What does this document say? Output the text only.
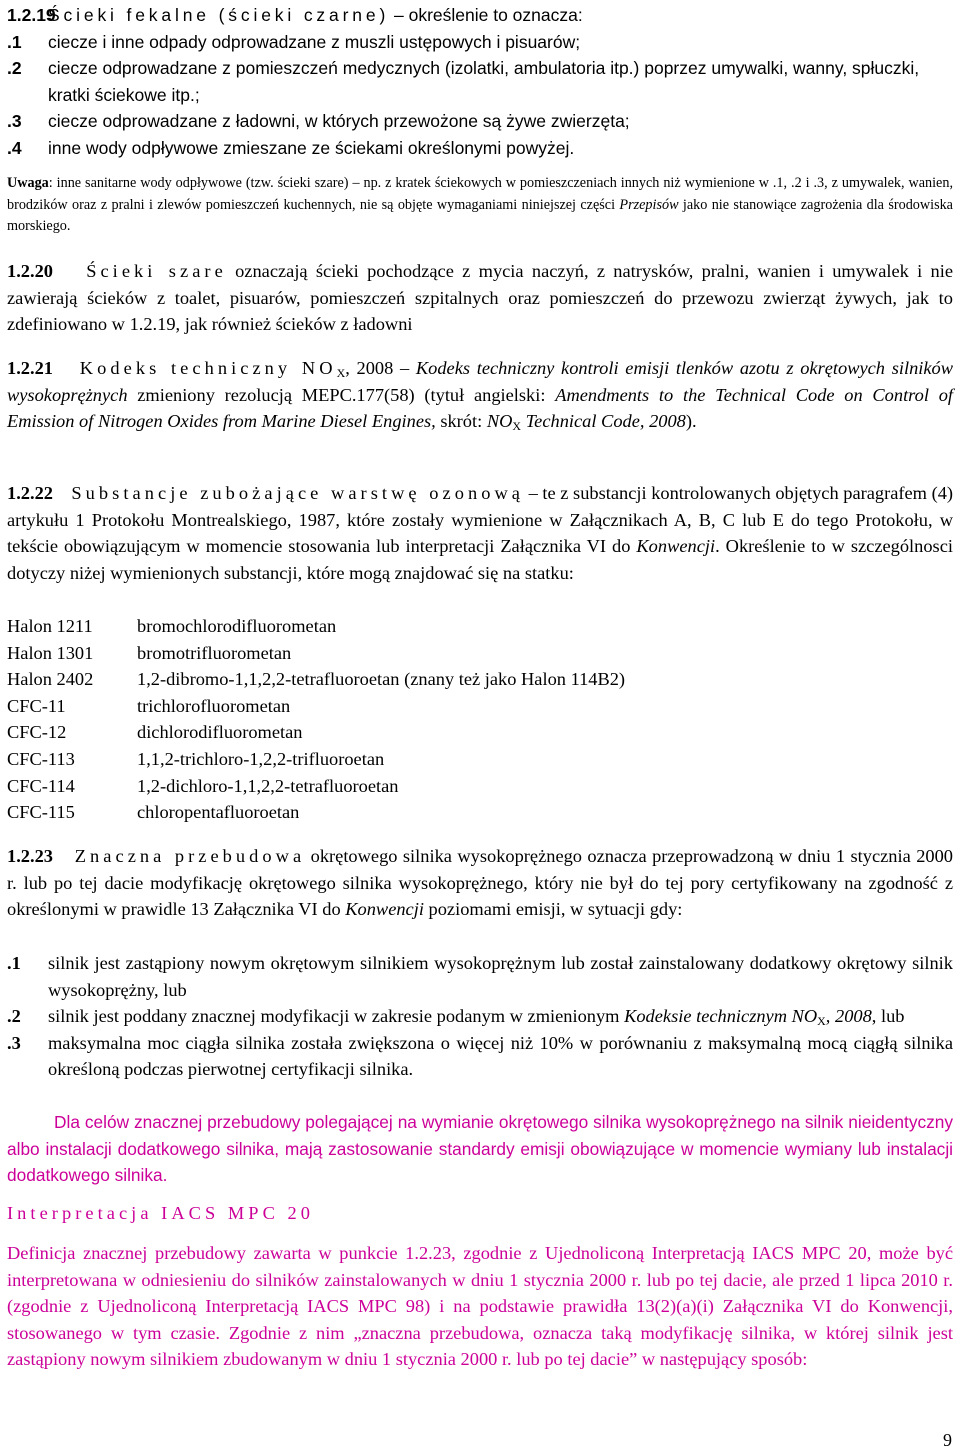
1.2.19
Ścieki fekalne (ścieki czarne) – określenie to oznacza:
.1	ciecze i inne odpady odprowadzane z muszli ustępowych i pisuarów;
.2	ciecze odprowadzane z pomieszczeń medycznych (izolatki, ambulatoria itp.) poprzez umywalki, wanny, spłuczki, kratki ściekowe itp.;
.3	ciecze odprowadzane z ładowni, w których przewożone są żywe zwierzęta;
.4	inne wody odpływowe zmieszane ze ściekami określonymi powyżej.
Uwaga: inne sanitarne wody odpływowe (tzw. ścieki szare) – np. z kratek ściekowych w pomieszczeniach innych niż wymienione w .1, .2 i .3, z umywalek, wanien, brodzików oraz z pralni i zlewów pomieszczeń kuchennych, nie są objęte wymaganiami niniejszej części Przepisów jako nie stanowiące zagrożenia dla środowiska morskiego.
1.2.20 Ścieki szare oznaczają ścieki pochodzące z mycia naczyń, z natrysków, pralni, wanien i umywalek i nie zawierają ścieków z toalet, pisuarów, pomieszczeń szpitalnych oraz pomieszczeń do przewozu zwierząt żywych, jak to zdefiniowano w 1.2.19, jak również ścieków z ładowni
1.2.21 Kodeks techniczny $NO_X$, 2008 – Kodeks techniczny kontroli emisji tlenków azotu z okrętowych silników wysokoprężnych zmieniony rezolucją MEPC.177(58) (tytuł angielski: Amendments to the Technical Code on Control of Emission of Nitrogen Oxides from Marine Diesel Engines, skrót: $NO_X$ Technical Code, 2008).
1.2.22 Substancje zubożające warstwę ozonową – te z substancji kontrolowanych objętych paragrafem (4) artykułu 1 Protokołu Montrealskiego, 1987, które zostały wymienione w Załącznikach A, B, C lub E do tego Protokołu, w tekście obowiązującym w momencie stosowania lub interpretacji Załącznika VI do Konwencji. Określenie to w szczególnosci dotyczy niżej wymienionych substancji, które mogą znajdować się na statku:
Halon 1211	bromochlorodifluorometan
Halon 1301	bromotrifluorometan
Halon 2402	1,2-dibromo-1,1,2,2-tetrafluoroetan (znany też jako Halon 114B2)
CFC-11	trichlorofluorometan
CFC-12	dichlorodifluorometan
CFC-113	1,1,2-trichloro-1,2,2-trifluoroetan
CFC-114	1,2-dichloro-1,1,2,2-tetrafluoroetan
CFC-115	chloropentafluoroetan
1.2.23 Znaczna przebudowa okrętowego silnika wysokoprężnego oznacza przeprowadzoną w dniu 1 stycznia 2000 r. lub po tej dacie modyfikację okrętowego silnika wysokoprężnego, który nie był do tej pory certyfikowany na zgodność z określonymi w prawidle 13 Załącznika VI do Konwencji poziomami emisji, w sytuacji gdy:
.1	silnik jest zastąpiony nowym okrętowym silnikiem wysokoprężnym lub został zainstalowany dodatkowy okrętowy silnik wysokoprężny, lub
.2	silnik jest poddany znacznej modyfikacji w zakresie podanym w zmienionym Kodeksie technicznym $NO_X$, 2008, lub
.3	maksymalna moc ciągła silnika została zwiększona o więcej niż 10% w porównaniu z maksymalną mocą ciągłą silnika określoną podczas pierwotnej certyfikacji silnika.
Dla celów znacznej przebudowy polegającej na wymianie okrętowego silnika wysokoprężnego na silnik nieidentyczny albo instalacji dodatkowego silnika, mają zastosowanie standardy emisji obowiązujące w momencie wymiany lub instalacji dodatkowego silnika.
Interpretacja IACS MPC 20
Definicja znacznej przebudowy zawarta w punkcie 1.2.23, zgodnie z Ujednoliconą Interpretacją IACS MPC 20, może być interpretowana w odniesieniu do silników zainstalowanych w dniu 1 stycznia 2000 r. lub po tej dacie, ale przed 1 lipca 2010 r. (zgodnie z Ujednoliconą Interpretacją IACS MPC 98) i na podstawie prawidła 13(2)(a)(i) Załącznika VI do Konwencji, stosowanego w tym czasie. Zgodnie z nim „znaczna przebudowa, oznacza taką modyfikację silnika, w której silnik jest zastąpiony nowym silnikiem zbudowanym w dniu 1 stycznia 2000 r. lub po tej dacie” w następujący sposób:
9
